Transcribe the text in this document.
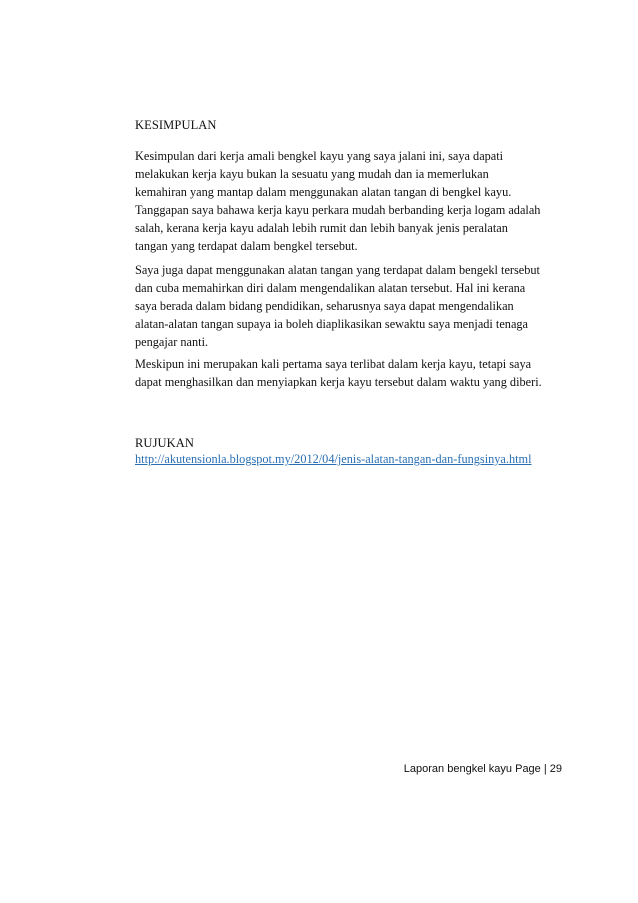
KESIMPULAN
Kesimpulan dari kerja amali bengkel kayu yang saya jalani ini, saya dapati
melakukan kerja kayu bukan la sesuatu yang mudah dan ia memerlukan
kemahiran yang mantap dalam menggunakan alatan tangan di bengkel kayu.
Tanggapan saya bahawa kerja kayu perkara mudah berbanding kerja logam adalah
salah, kerana kerja kayu adalah lebih rumit dan lebih banyak jenis peralatan
tangan yang terdapat dalam bengkel tersebut.
Saya juga dapat menggunakan alatan tangan yang terdapat dalam bengekl tersebut
dan cuba memahirkan diri dalam mengendalikan alatan tersebut. Hal ini kerana
saya berada dalam bidang pendidikan, seharusnya saya dapat mengendalikan
alatan-alatan tangan supaya ia boleh diaplikasikan sewaktu saya menjadi tenaga
pengajar nanti.
Meskipun ini merupakan kali pertama saya terlibat dalam kerja kayu, tetapi saya
dapat menghasilkan dan menyiapkan kerja kayu tersebut dalam waktu yang diberi.
RUJUKAN
http://akutensionla.blogspot.my/2012/04/jenis-alatan-tangan-dan-fungsinya.html
Laporan bengkel kayu Page | 29
